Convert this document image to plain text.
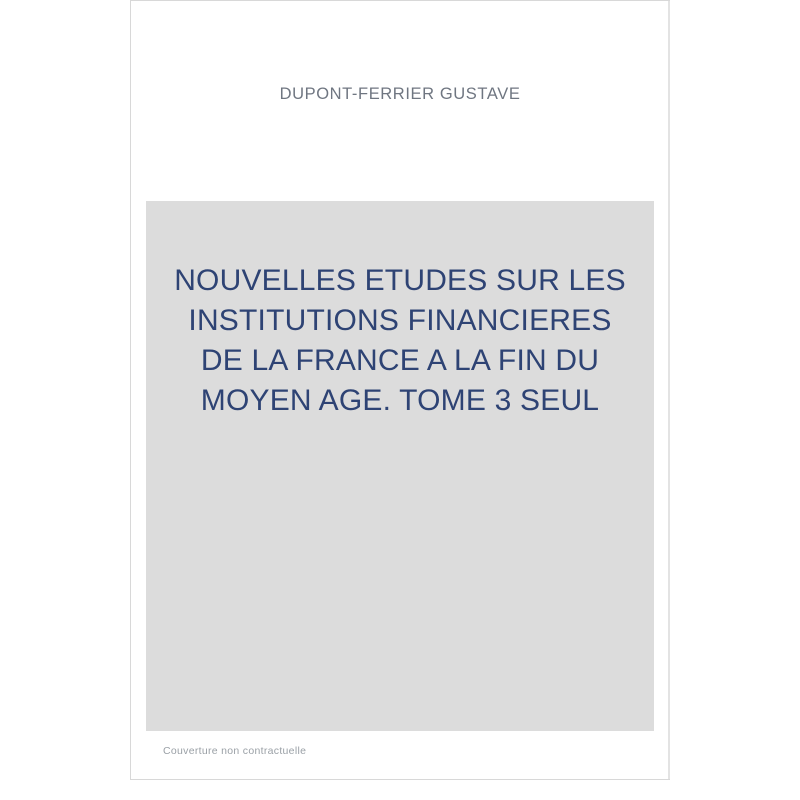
DUPONT-FERRIER GUSTAVE
NOUVELLES ETUDES SUR LES INSTITUTIONS FINANCIERES DE LA FRANCE A LA FIN DU MOYEN AGE. TOME 3 SEUL
Couverture non contractuelle
